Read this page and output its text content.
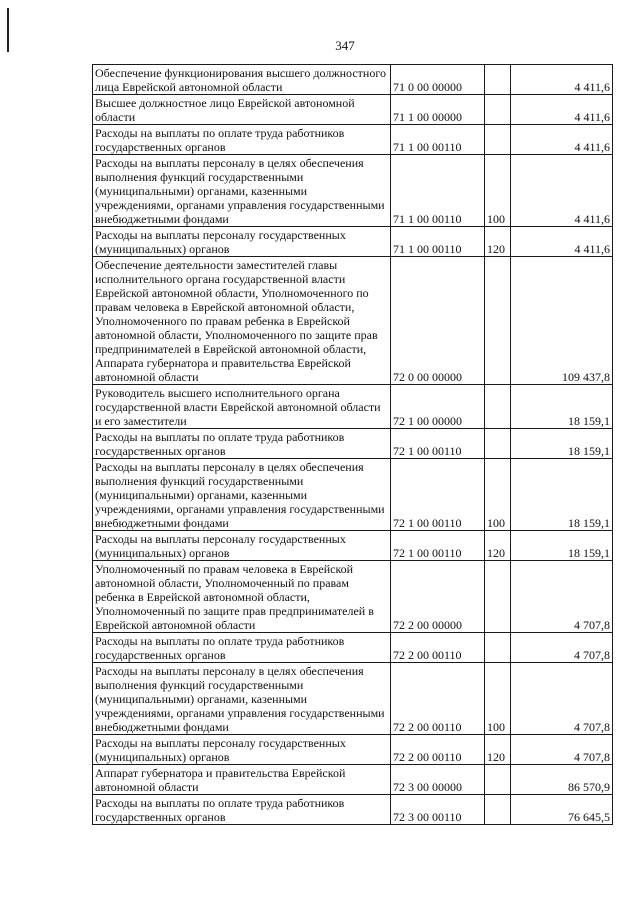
347
Обеспечение функционирования высшего должностного лица Еврейской автономной области	71 0 00 00000		4 411,6

Высшее должностное лицо Еврейской автономной области	71 1 00 00000		4 411,6

Расходы на выплаты по оплате труда работников государственных органов	71 1 00 00110		4 411,6

Расходы на выплаты персоналу в целях обеспечения выполнения функций государственными (муниципальными) органами, казенными учреждениями, органами управления государственными внебюджетными фондами	71 1 00 00110	100	4 411,6

Расходы на выплаты персоналу государственных (муниципальных) органов	71 1 00 00110	120	4 411,6

Обеспечение деятельности заместителей главы исполнительного органа государственной власти Еврейской автономной области, Уполномоченного по правам человека в Еврейской автономной области, Уполномоченного по правам ребенка в Еврейской автономной области, Уполномоченного по защите прав предпринимателей в Еврейской автономной области, Аппарата губернатора и правительства Еврейской автономной области	72 0 00 00000		109 437,8

Руководитель высшего исполнительного органа государственной власти Еврейской автономной области и его заместители	72 1 00 00000		18 159,1

Расходы на выплаты по оплате труда работников государственных органов	72 1 00 00110		18 159,1

Расходы на выплаты персоналу в целях обеспечения выполнения функций государственными (муниципальными) органами, казенными учреждениями, органами управления государственными внебюджетными фондами	72 1 00 00110	100	18 159,1

Расходы на выплаты персоналу государственных (муниципальных) органов	72 1 00 00110	120	18 159,1

Уполномоченный по правам человека в Еврейской автономной области, Уполномоченный по правам ребенка в Еврейской автономной области, Уполномоченный по защите прав предпринимателей в Еврейской автономной области	72 2 00 00000		4 707,8

Расходы на выплаты по оплате труда работников государственных органов	72 2 00 00110		4 707,8

Расходы на выплаты персоналу в целях обеспечения выполнения функций государственными (муниципальными) органами, казенными учреждениями, органами управления государственными внебюджетными фондами	72 2 00 00110	100	4 707,8

Расходы на выплаты персоналу государственных (муниципальных) органов	72 2 00 00110	120	4 707,8

Аппарат губернатора и правительства Еврейской автономной области	72 3 00 00000		86 570,9

Расходы на выплаты по оплате труда работников государственных органов	72 3 00 00110		76 645,5
